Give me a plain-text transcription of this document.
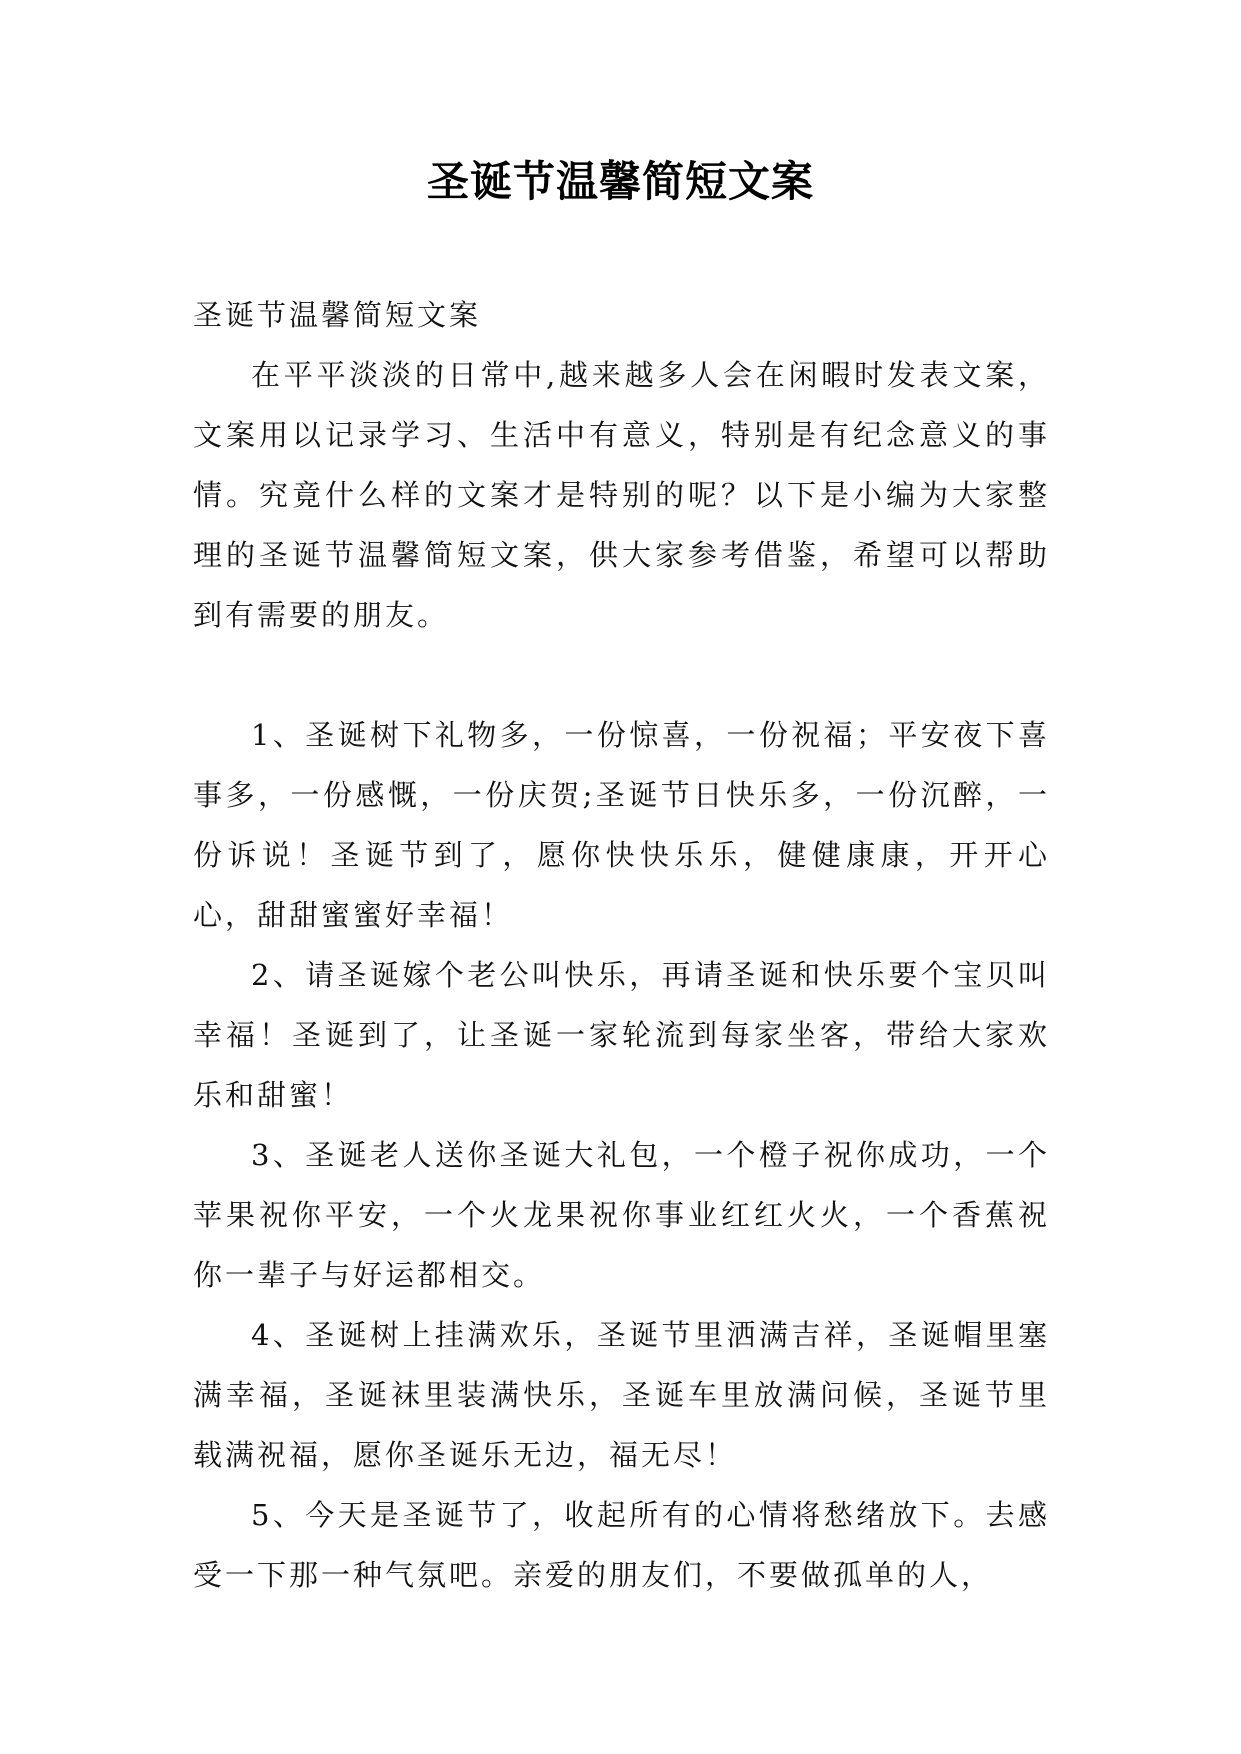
圣诞节温馨简短文案

圣诞节温馨简短文案

在平平淡淡的日常中,越来越多人会在闲暇时发表文案，文案用以记录学习、生活中有意义，特别是有纪念意义的事情。究竟什么样的文案才是特别的呢？以下是小编为大家整理的圣诞节温馨简短文案，供大家参考借鉴，希望可以帮助到有需要的朋友。

1、圣诞树下礼物多，一份惊喜，一份祝福；平安夜下喜事多，一份感慨，一份庆贺;圣诞节日快乐多，一份沉醉，一份诉说！圣诞节到了，愿你快快乐乐，健健康康，开开心心，甜甜蜜蜜好幸福！

2、请圣诞嫁个老公叫快乐，再请圣诞和快乐要个宝贝叫幸福！圣诞到了，让圣诞一家轮流到每家坐客，带给大家欢乐和甜蜜！

3、圣诞老人送你圣诞大礼包，一个橙子祝你成功，一个苹果祝你平安，一个火龙果祝你事业红红火火，一个香蕉祝你一辈子与好运都相交。

4、圣诞树上挂满欢乐，圣诞节里洒满吉祥，圣诞帽里塞满幸福，圣诞袜里装满快乐，圣诞车里放满问候，圣诞节里载满祝福，愿你圣诞乐无边，福无尽！

5、今天是圣诞节了，收起所有的心情将愁绪放下。去感受一下那一种气氛吧。亲爱的朋友们，不要做孤单的人，
